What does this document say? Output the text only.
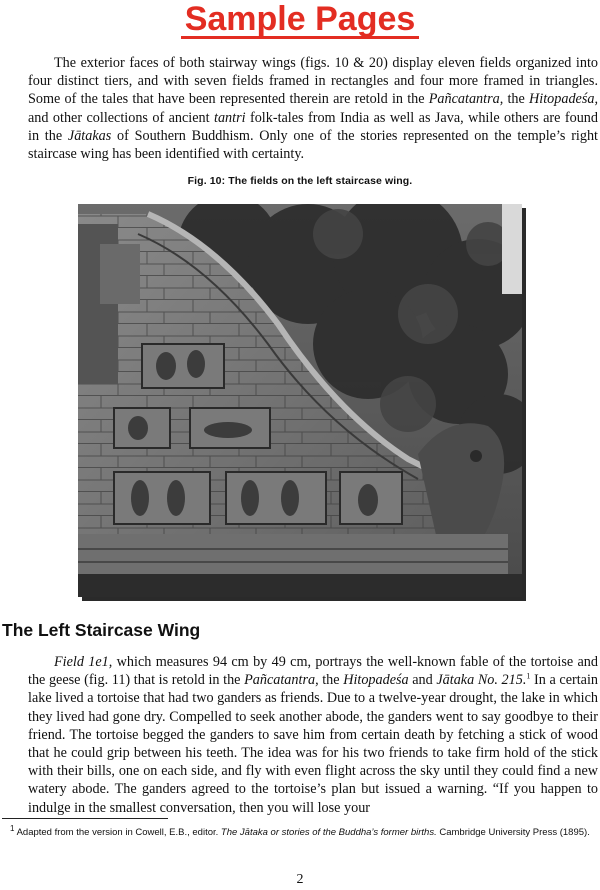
Sample Pages

The exterior faces of both stairway wings (figs. 10 & 20) display eleven fields organized into four distinct tiers, and with seven fields framed in rectangles and four more framed in triangles. Some of the tales that have been represented therein are retold in the Pañcatantra, the Hitopadeśa, and other collections of ancient tantri folk-tales from India as well as Java, while others are found in the Jātakas of Southern Buddhism. Only one of the stories represented on the temple’s right staircase wing has been identified with certainty.

Fig. 10: The fields on the left staircase wing.
The Left Staircase Wing

Field 1e1, which measures 94 cm by 49 cm, portrays the well-known fable of the tortoise and the geese (fig. 11) that is retold in the Pañcatantra, the Hitopadeśa and Jātaka No. 215.$^1$ In a certain lake lived a tortoise that had two ganders as friends. Due to a twelve-year drought, the lake in which they lived had gone dry. Compelled to seek another abode, the ganders went to say goodbye to their friend. The tortoise begged the ganders to save him from certain death by fetching a stick of wood that he could grip between his teeth. The idea was for his two friends to take firm hold of the stick with their bills, one on each side, and fly with even flight across the sky until they could find a new watery abode. The ganders agreed to the tortoise’s plan but issued a warning. “If you happen to indulge in the smallest conversation, then you will lose your

$^1$ Adapted from the version in Cowell, E.B., editor. The Jātaka or stories of the Buddha’s former births. Cambridge University Press (1895).

2
